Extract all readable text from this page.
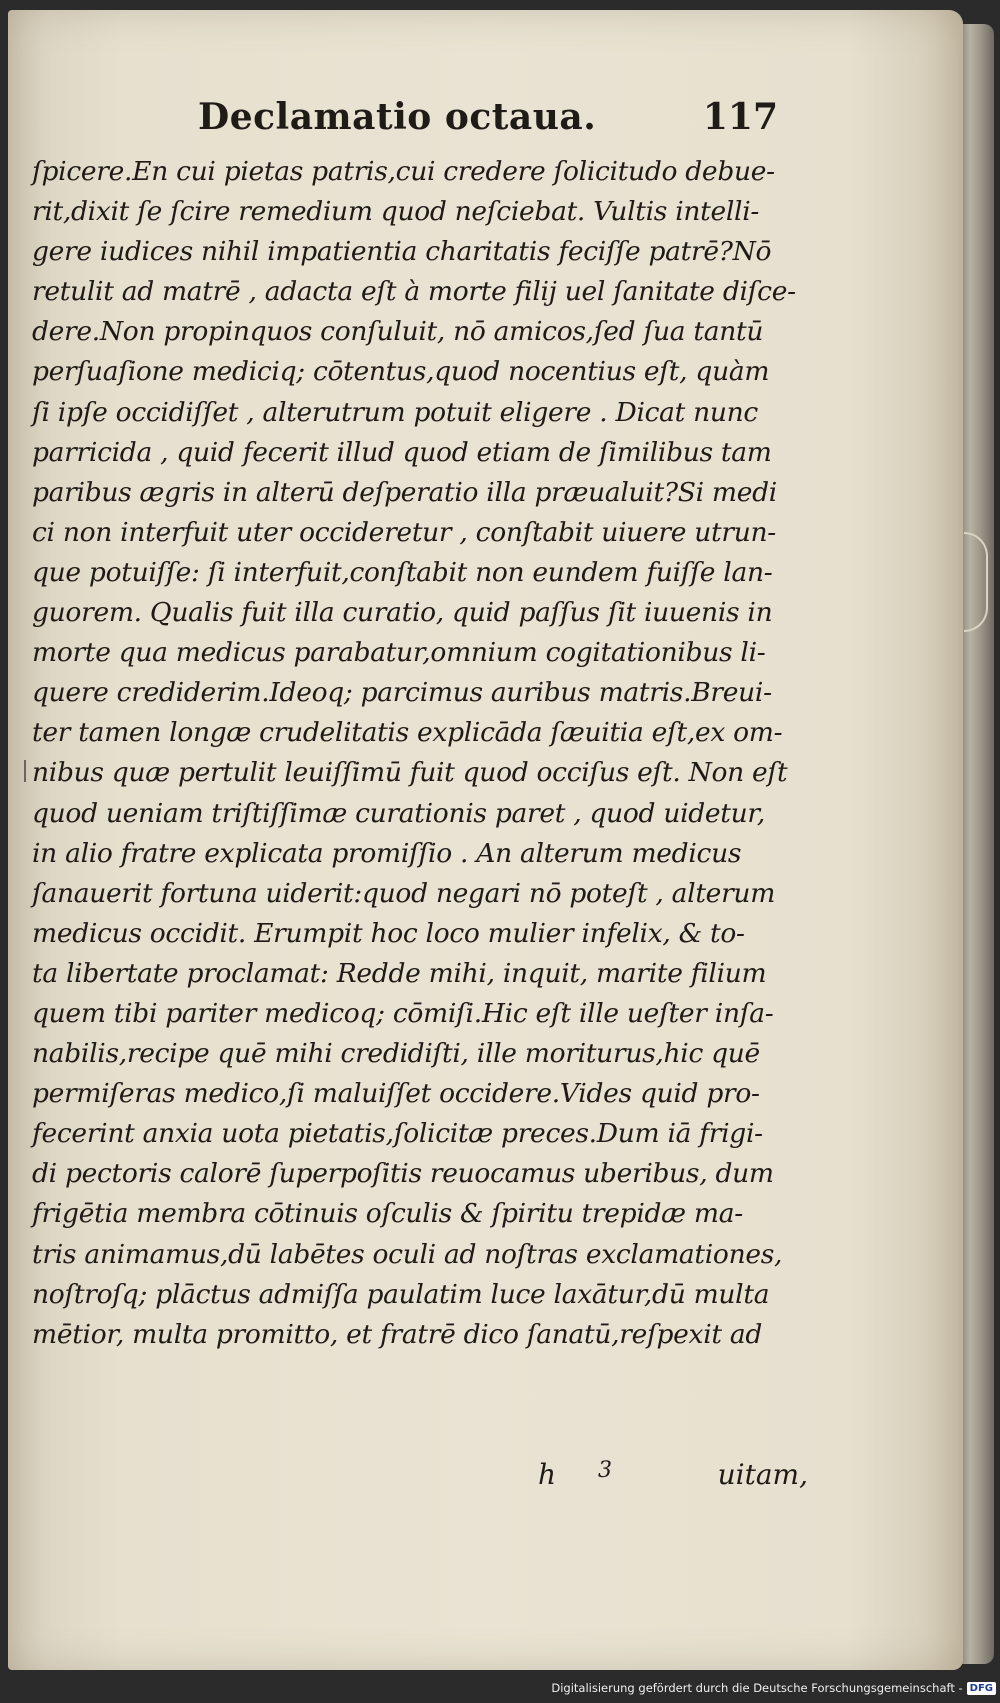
Declamatio octaua.	117
ſpicere.En cui pietas patris,cui credere ſolicitudo debue-
rit,dixit ſe ſcire remedium quod neſciebat. Vultis intelli-
gere iudices nihil impatientia charitatis feciſſe patrē?Nō
retulit ad matrē , adacta eſt à morte filij uel ſanitate diſce-
dere.Non propinquos conſuluit, nō amicos,ſed ſua tantū
perſuaſione mediciq; cōtentus,quod nocentius eſt, quàm
ſi ipſe occidiſſet , alterutrum potuit eligere . Dicat nunc
parricida , quid fecerit illud quod etiam de ſimilibus tam
paribus ægris in alterū deſperatio illa præualuit?Si medi
ci non interfuit uter occideretur , conſtabit uiuere utrun-
que potuiſſe: ſi interfuit,conſtabit non eundem fuiſſe lan-
guorem. Qualis fuit illa curatio, quid paſſus ſit iuuenis in
morte qua medicus parabatur,omnium cogitationibus li-
quere crediderim.Ideoq; parcimus auribus matris.Breui-
ter tamen longæ crudelitatis explicāda ſæuitia eſt,ex om-
nibus quæ pertulit leuiſſimū fuit quod occiſus eſt. Non eſt
quod ueniam triſtiſſimæ curationis paret , quod uidetur,
in alio fratre explicata promiſſio . An alterum medicus
ſanauerit fortuna uiderit:quod negari nō poteſt , alterum
medicus occidit. Erumpit hoc loco mulier infelix, & to-
ta libertate proclamat: Redde mihi, inquit, marite filium
quem tibi pariter medicoq; cōmiſi.Hic eſt ille ueſter inſa-
nabilis,recipe quē mihi credidiſti, ille moriturus,hic quē
permiſeras medico,ſi maluiſſet occidere.Vides quid pro-
fecerint anxia uota pietatis,ſolicitæ preces.Dum iā frigi-
di pectoris calorē ſuperpoſitis reuocamus uberibus, dum
frigētia membra cōtinuis oſculis & ſpiritu trepidæ ma-
tris animamus,dū labētes oculi ad noſtras exclamationes,
noſtroſq; plāctus admiſſa paulatim luce laxātur,dū multa
mētior, multa promitto, et fratrē dico ſanatū,reſpexit ad
h 3	uitam,
Digitalisierung gefördert durch die Deutsche Forschungsgemeinschaft - DFG
